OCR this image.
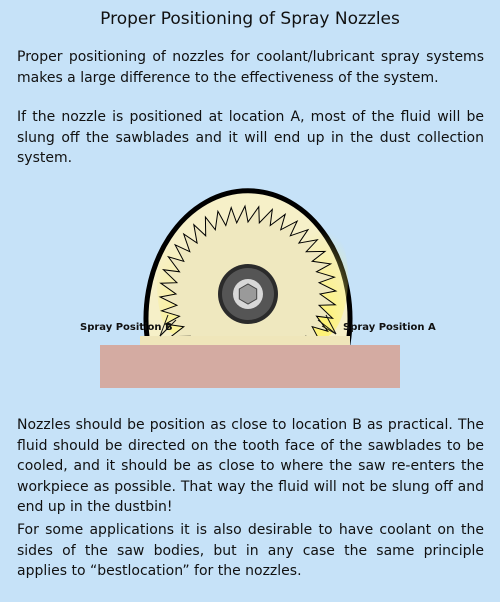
Proper Positioning of Spray Nozzles

Proper positioning of nozzles for coolant/lubricant spray systems makes a large difference to the effectiveness of the system.

If the nozzle is positioned at location A, most of the fluid will be slung off the sawblades and it will end up in the dust collection system.

Spray Position B	Spray Position A

Nozzles should be position as close to location B as practical. The fluid should be directed on the tooth face of the sawblades to be cooled, and it should be as close to where the saw re-enters the workpiece as possible. That way the fluid will not be slung off and end up in the dustbin!

For some applications it is also desirable to have coolant on the sides of the saw bodies, but in any case the same principle applies to “bestlocation” for the nozzles.
